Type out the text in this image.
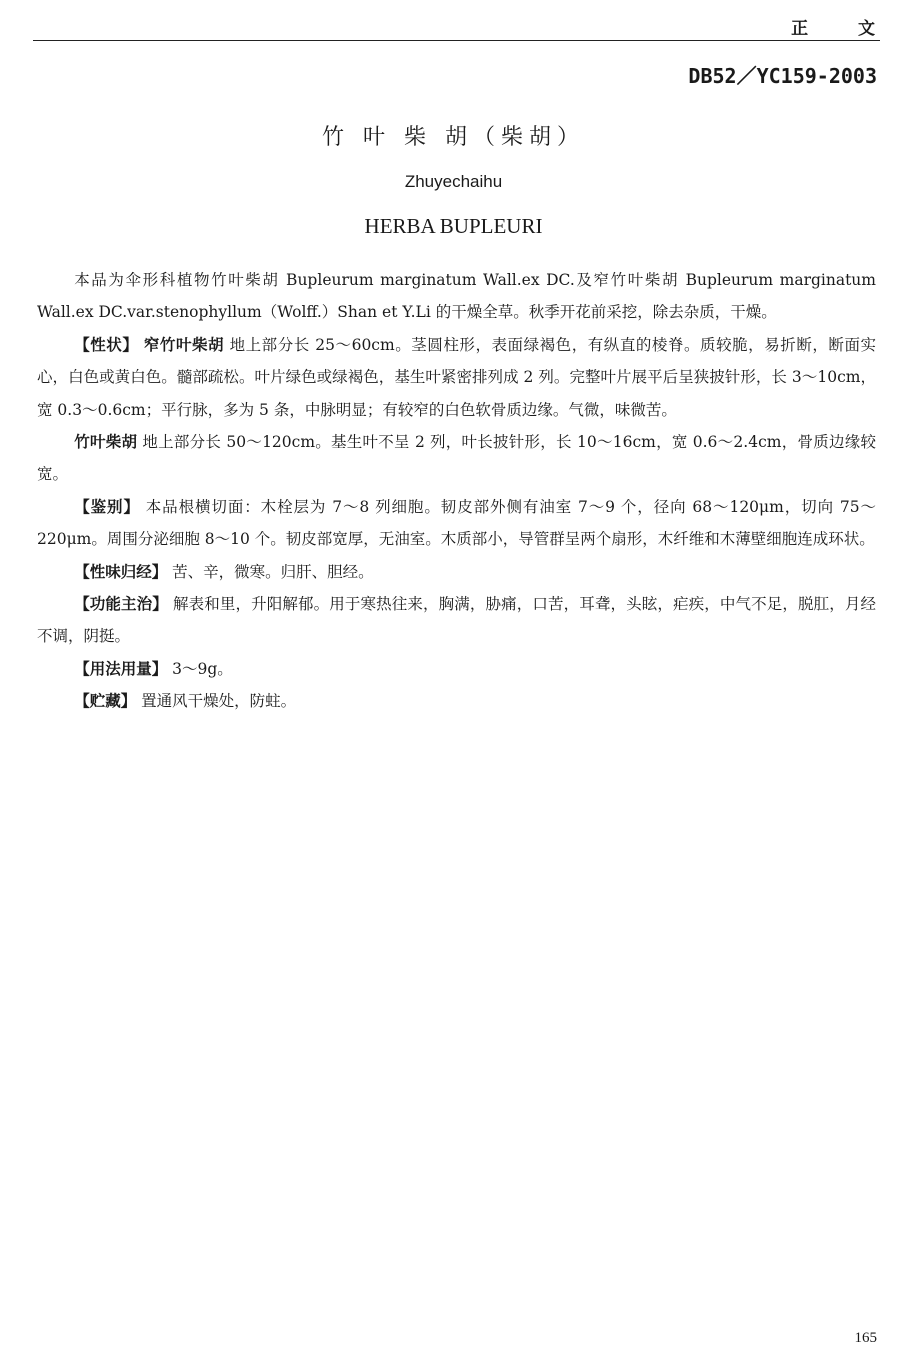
正 文
DB52／YC159-2003
竹 叶 柴 胡（柴胡）
Zhuyechaihu
HERBA BUPLEURI

本品为伞形科植物竹叶柴胡 Bupleurum marginatum Wall.ex DC.及窄竹叶柴胡 Bupleurum marginatum Wall.ex DC.var.stenophyllum（Wolff.）Shan et Y.Li 的干燥全草。秋季开花前采挖，除去杂质，干燥。

【性状】 窄竹叶柴胡 地上部分长 25～60cm。茎圆柱形，表面绿褐色，有纵直的棱脊。质较脆，易折断，断面实心，白色或黄白色。髓部疏松。叶片绿色或绿褐色，基生叶紧密排列成 2 列。完整叶片展平后呈狭披针形，长 3～10cm，宽 0.3～0.6cm；平行脉，多为 5 条，中脉明显；有较窄的白色软骨质边缘。气微，味微苦。

竹叶柴胡 地上部分长 50～120cm。基生叶不呈 2 列，叶长披针形，长 10～16cm，宽 0.6～2.4cm，骨质边缘较宽。

【鉴别】 本品根横切面：木栓层为 7～8 列细胞。韧皮部外侧有油室 7～9 个，径向 68～120μm，切向 75～220μm。周围分泌细胞 8～10 个。韧皮部宽厚，无油室。木质部小，导管群呈两个扇形，木纤维和木薄壁细胞连成环状。

【性味归经】 苦、辛，微寒。归肝、胆经。

【功能主治】 解表和里，升阳解郁。用于寒热往来，胸满，胁痛，口苦，耳聋，头眩，疟疾，中气不足，脱肛，月经不调，阴挺。

【用法用量】 3～9g。

【贮藏】 置通风干燥处，防蛀。

165
